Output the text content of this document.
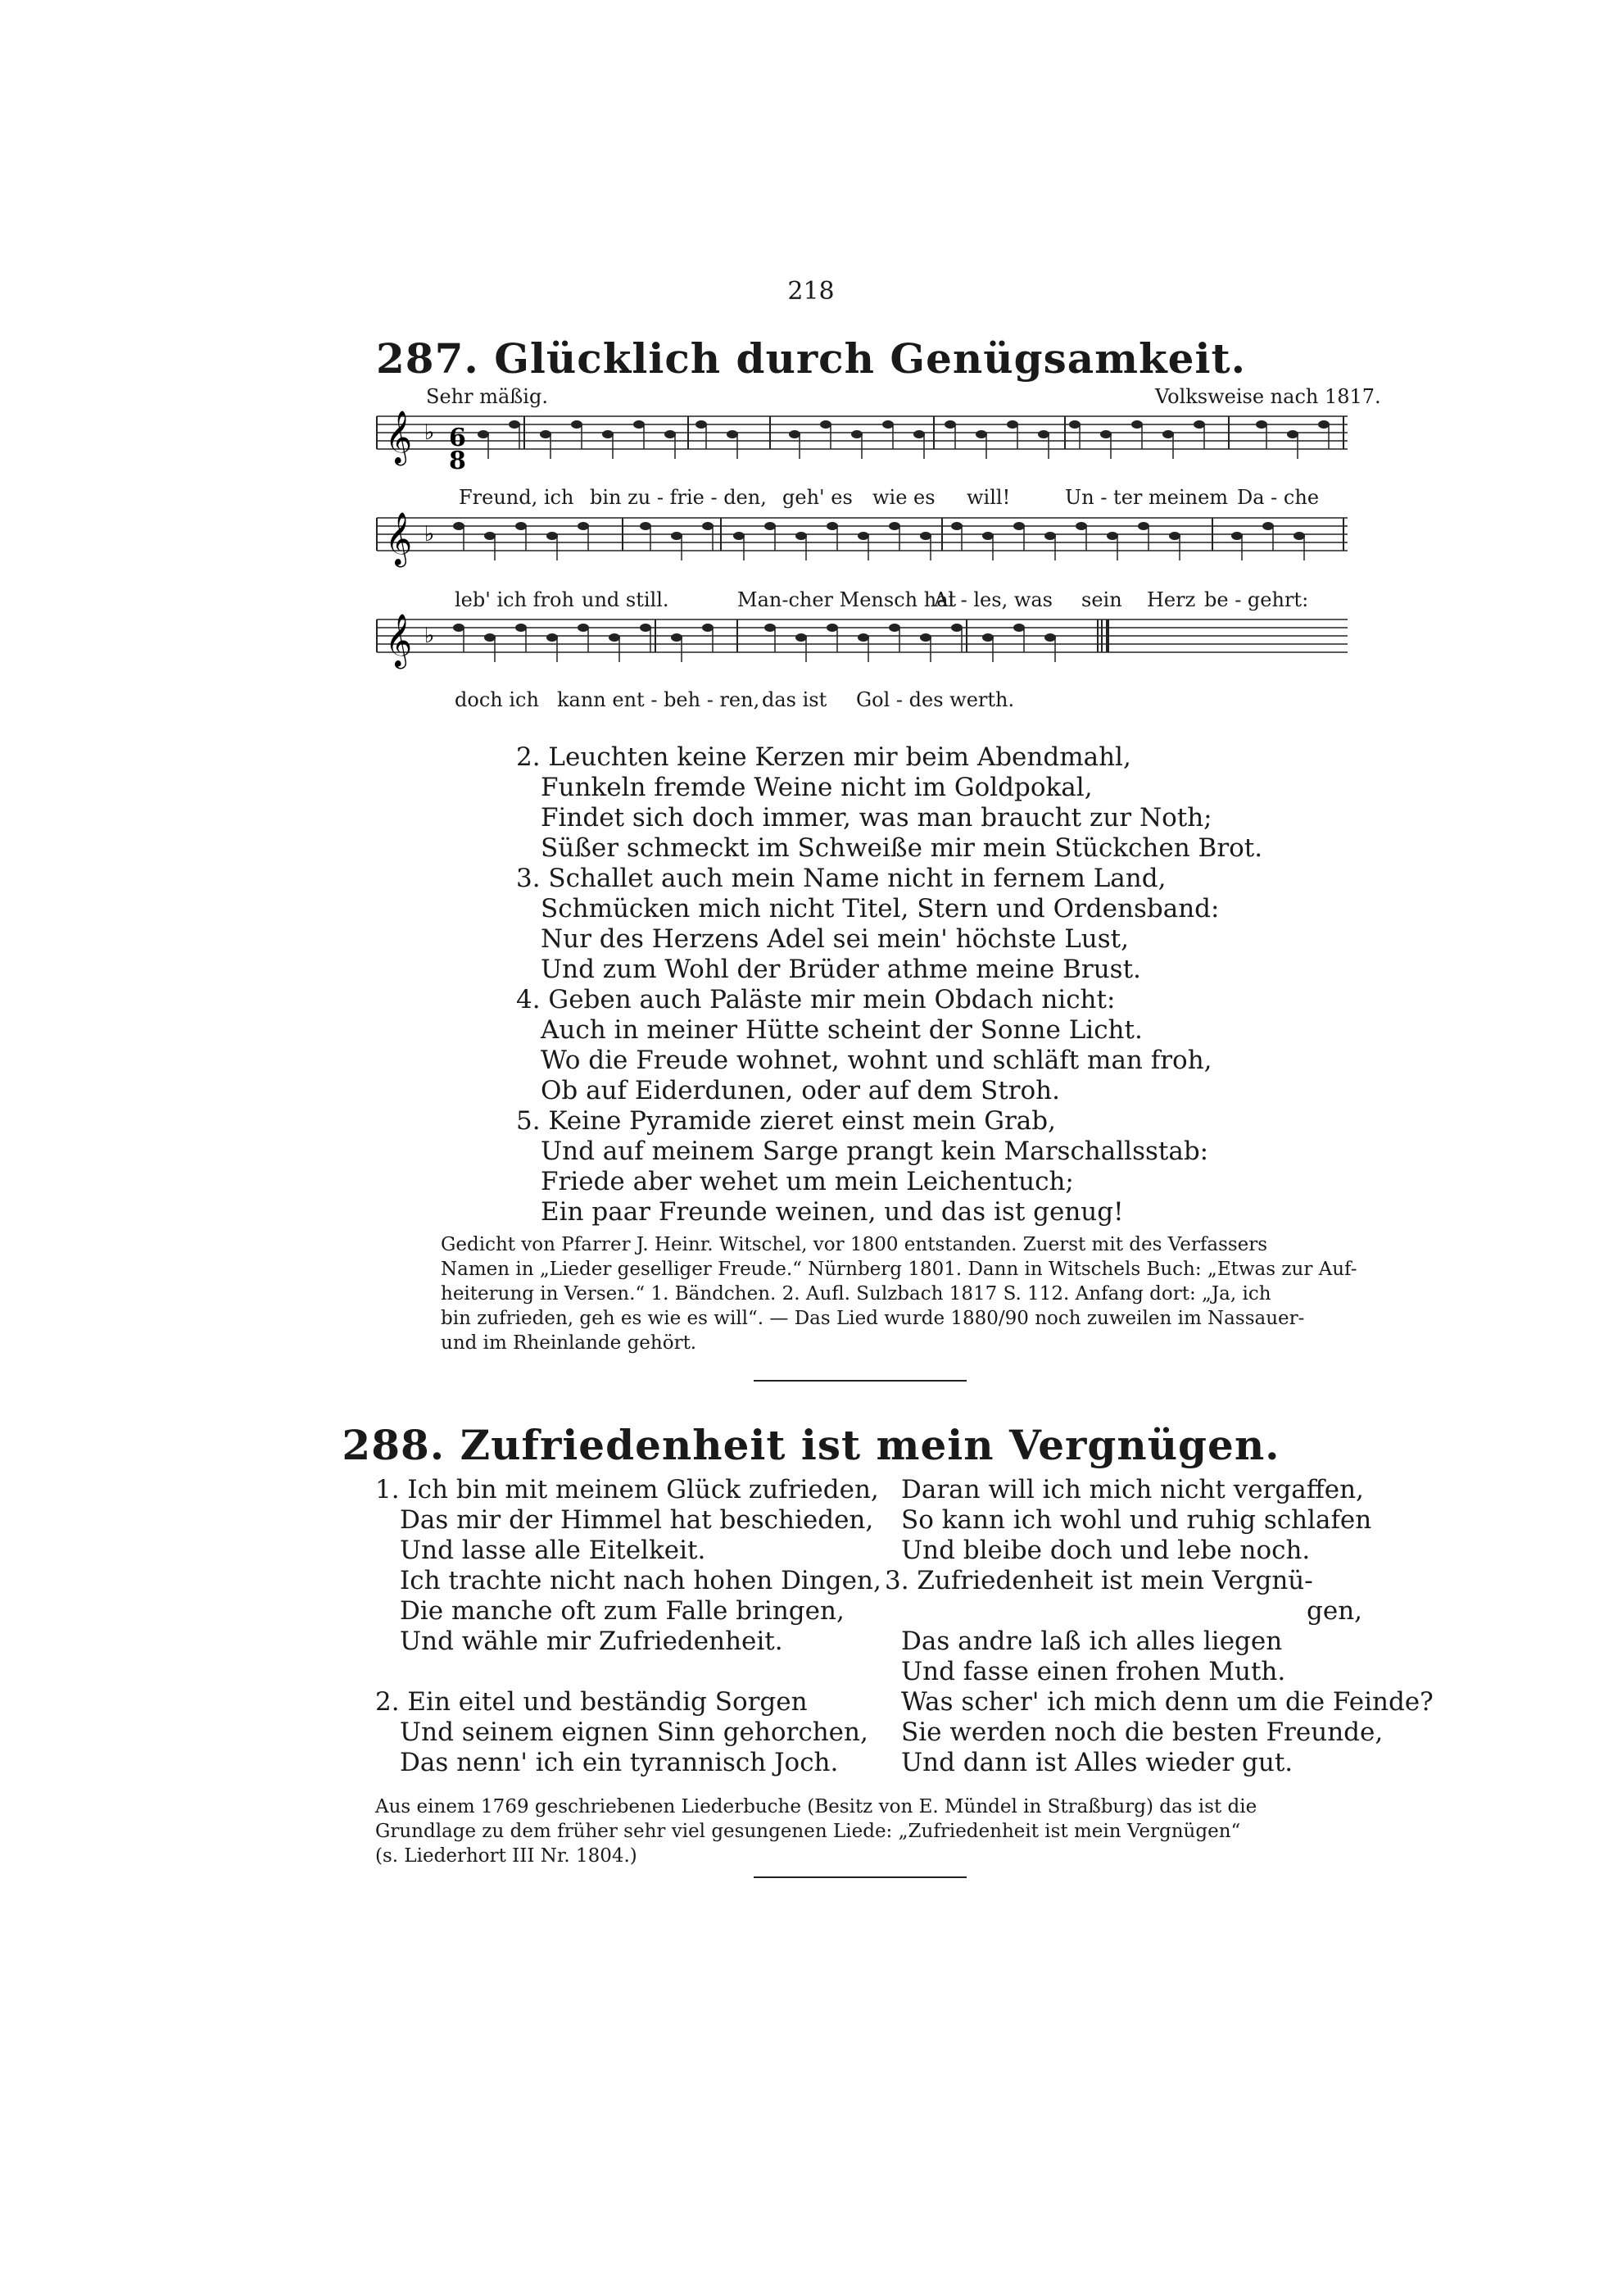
218
287. Glücklich durch Genügsamkeit.
Sehr mäßig.	Volksweise nach 1817.
𝄞 ♭
𝄞 ♭
𝄞 ♭
6
8
Freund, ich bin zu - frie - den, geh' es wie es will!	Un - ter meinem Da - che
leb' ich froh und still.	Man-cher Mensch hat
Al - les, was sein Herz be - gehrt:
doch ich kann ent - beh - ren, das ist Gol - des werth.
2. Leuchten keine Kerzen mir beim Abendmahl,
Funkeln fremde Weine nicht im Goldpokal,
Findet sich doch immer, was man braucht zur Noth;
Süßer schmeckt im Schweiße mir mein Stückchen Brot.
3. Schallet auch mein Name nicht in fernem Land,
Schmücken mich nicht Titel, Stern und Ordensband:
Nur des Herzens Adel sei mein' höchste Lust,
Und zum Wohl der Brüder athme meine Brust.
4. Geben auch Paläste mir mein Obdach nicht:
Auch in meiner Hütte scheint der Sonne Licht.
Wo die Freude wohnet, wohnt und schläft man froh,
Ob auf Eiderdunen, oder auf dem Stroh.
5. Keine Pyramide zieret einst mein Grab,
Und auf meinem Sarge prangt kein Marschallsstab:
Friede aber wehet um mein Leichentuch;
Ein paar Freunde weinen, und das ist genug!
Gedicht von Pfarrer J. Heinr. Witschel, vor 1800 entstanden. Zuerst mit des Verfassers
Namen in „Lieder geselliger Freude.“ Nürnberg 1801. Dann in Witschels Buch: „Etwas zur Auf-
heiterung in Versen.“ 1. Bändchen. 2. Aufl. Sulzbach 1817 S. 112. Anfang dort: „Ja, ich
bin zufrieden, geh es wie es will“. — Das Lied wurde 1880/90 noch zuweilen im Nassauer-
und im Rheinlande gehört.
288. Zufriedenheit ist mein Vergnügen.
1. Ich bin mit meinem Glück zufrieden,
Das mir der Himmel hat beschieden,
Und lasse alle Eitelkeit.
Ich trachte nicht nach hohen Dingen,
Die manche oft zum Falle bringen,
Und wähle mir Zufriedenheit.
2. Ein eitel und beständig Sorgen
Und seinem eignen Sinn gehorchen,
Das nenn' ich ein tyrannisch Joch.
Daran will ich mich nicht vergaffen,
So kann ich wohl und ruhig schlafen
Und bleibe doch und lebe noch.
3. Zufriedenheit ist mein Vergnü-
gen,
Das andre laß ich alles liegen
Und fasse einen frohen Muth.
Was scher' ich mich denn um die Feinde?
Sie werden noch die besten Freunde,
Und dann ist Alles wieder gut.
Aus einem 1769 geschriebenen Liederbuche (Besitz von E. Mündel in Straßburg) das ist die
Grundlage zu dem früher sehr viel gesungenen Liede: „Zufriedenheit ist mein Vergnügen“
(s. Liederhort III Nr. 1804.)
